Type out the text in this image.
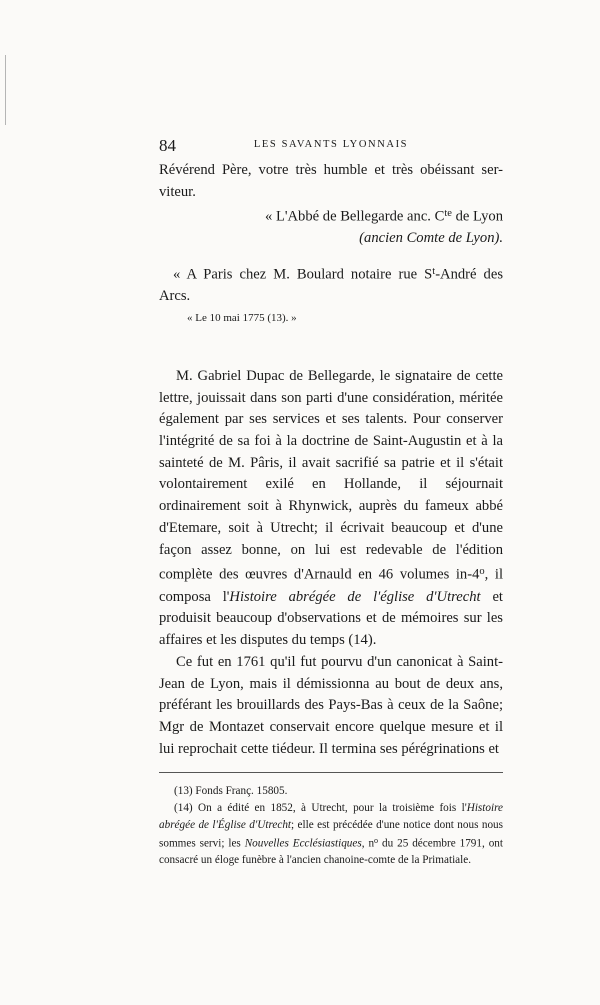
84	LES SAVANTS LYONNAIS
Révérend Père, votre très humble et très obéissant ser-
viteur.
« L'Abbé de Bellegarde anc. $C^{te}$ de Lyon
(ancien Comte de Lyon).
« A Paris chez M. Boulard notaire rue $S^t$-André des
Arcs.
« Le 10 mai 1775 (13). »

M. Gabriel Dupac de Bellegarde, le signataire de cette lettre, jouissait dans son parti d'une considération, méritée également par ses services et ses talents. Pour conserver l'intégrité de sa foi à la doctrine de Saint-Augustin et à la sainteté de M. Pâris, il avait sacrifié sa patrie et il s'était volontairement exilé en Hollande, il séjournait ordinairement soit à Rhynwick, auprès du fameux abbé d'Etemare, soit à Utrecht; il écrivait beaucoup et d'une façon assez bonne, on lui est redevable de l'édition complète des œuvres d'Arnauld en 46 volumes in-4$^o$, il composa l'Histoire abrégée de l'église d'Utrecht et produisit beaucoup d'observations et de mémoires sur les affaires et les disputes du temps (14).

Ce fut en 1761 qu'il fut pourvu d'un canonicat à Saint-Jean de Lyon, mais il démissionna au bout de deux ans, préférant les brouillards des Pays-Bas à ceux de la Saône; Mgr de Montazet conservait encore quelque mesure et il lui reprochait cette tiédeur. Il termina ses pérégrinations et

(13) Fonds Franç. 15805.

(14) On a édité en 1852, à Utrecht, pour la troisième fois l'Histoire abrégée de l'Église d'Utrecht; elle est précédée d'une notice dont nous nous sommes servi; les Nouvelles Ecclésiastiques, $n^o$ du 25 décembre 1791, ont consacré un éloge funèbre à l'ancien chanoine-comte de la Primatiale.
